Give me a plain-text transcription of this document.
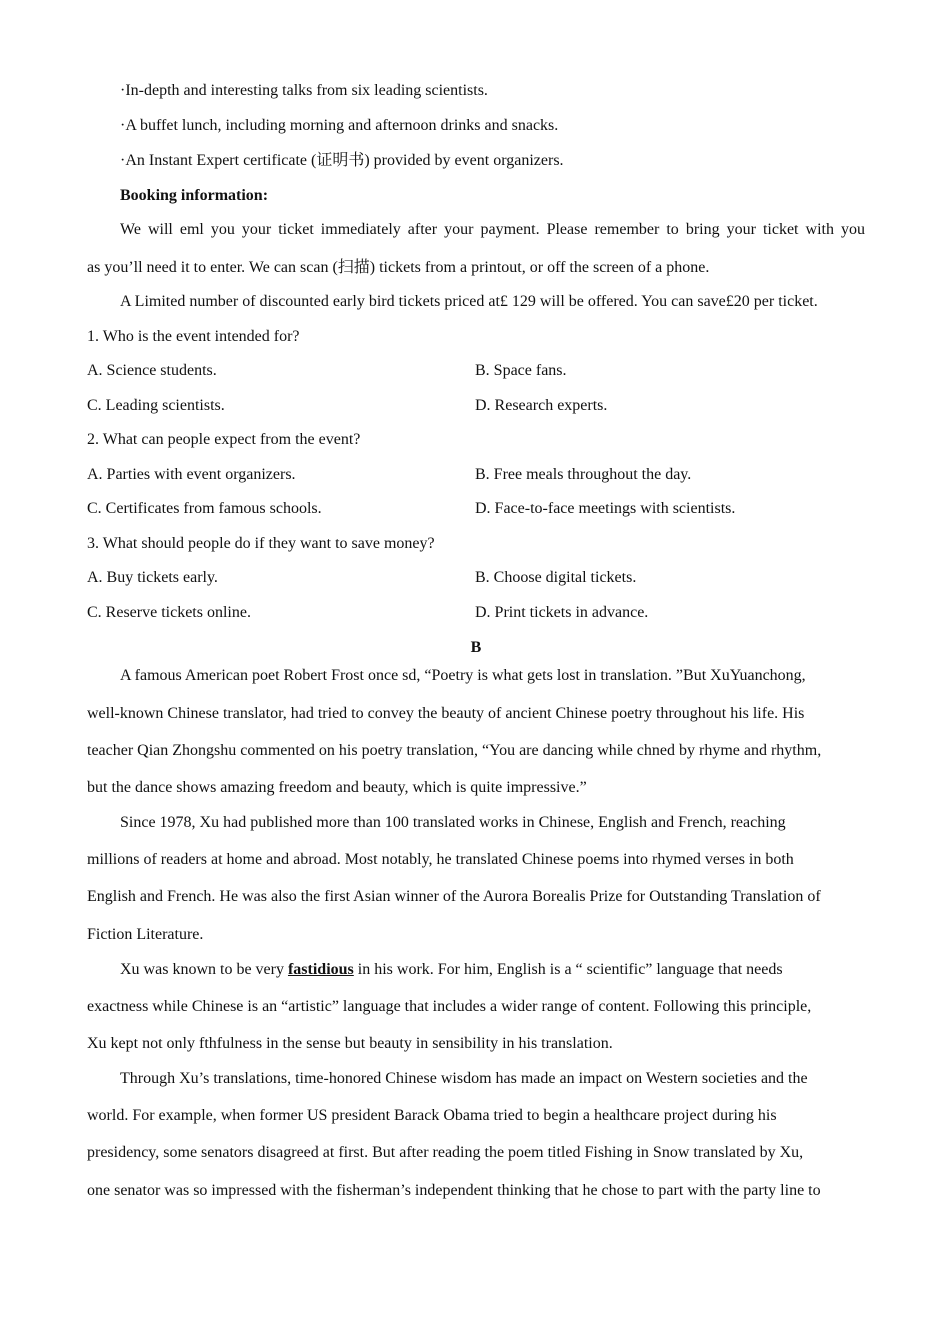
·In-depth and interesting talks from six leading scientists.
·A buffet lunch, including morning and afternoon drinks and snacks.
·An Instant Expert certificate (证明书) provided by event organizers.
Booking information:
We will eml you your ticket immediately after your payment. Please remember to bring your ticket with you
as you’ll need it to enter. We can scan (扫描) tickets from a printout, or off the screen of a phone.
A Limited number of discounted early bird tickets priced at£ 129 will be offered. You can save£20 per ticket.
1. Who is the event intended for?
A. Science students.	B. Space fans.
C. Leading scientists.	D. Research experts.
2. What can people expect from the event?
A. Parties with event organizers.	B. Free meals throughout the day.
C. Certificates from famous schools.	D. Face-to-face meetings with scientists.
3. What should people do if they want to save money?
A. Buy tickets early.	B. Choose digital tickets.
C. Reserve tickets online.	D. Print tickets in advance.
B
A famous American poet Robert Frost once sd, “Poetry is what gets lost in translation. ”But XuYuanchong,
well-known Chinese translator, had tried to convey the beauty of ancient Chinese poetry throughout his life. His
teacher Qian Zhongshu commented on his poetry translation, “You are dancing while chned by rhyme and rhythm,
but the dance shows amazing freedom and beauty, which is quite impressive.”
Since 1978, Xu had published more than 100 translated works in Chinese, English and French, reaching
millions of readers at home and abroad. Most notably, he translated Chinese poems into rhymed verses in both
English and French. He was also the first Asian winner of the Aurora Borealis Prize for Outstanding Translation of
Fiction Literature.
Xu was known to be very fastidious in his work. For him, English is a “ scientific” language that needs
exactness while Chinese is an “artistic” language that includes a wider range of content. Following this principle,
Xu kept not only fthfulness in the sense but beauty in sensibility in his translation.
Through Xu’s translations, time-honored Chinese wisdom has made an impact on Western societies and the
world. For example, when former US president Barack Obama tried to begin a healthcare project during his
presidency, some senators disagreed at first. But after reading the poem titled Fishing in Snow translated by Xu,
one senator was so impressed with the fisherman’s independent thinking that he chose to part with the party line to
